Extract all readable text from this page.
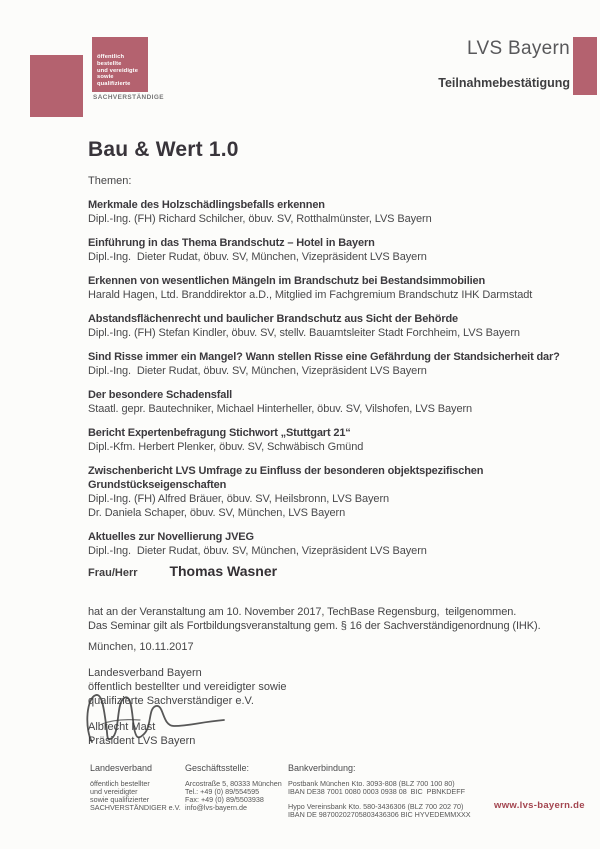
öffentlich bestellte
und vereidigte
sowie qualifizierte
SACHVERSTÄNDIGE
LVS Bayern
Teilnahmebestätigung
Bau & Wert 1.0
Themen:
Merkmale des Holzschädlingsbefalls erkennen
Dipl.-Ing. (FH) Richard Schilcher, öbuv. SV, Rotthalmünster, LVS Bayern
Einführung in das Thema Brandschutz – Hotel in Bayern
Dipl.-Ing.  Dieter Rudat, öbuv. SV, München, Vizepräsident LVS Bayern
Erkennen von wesentlichen Mängeln im Brandschutz bei Bestandsimmobilien
Harald Hagen, Ltd. Branddirektor a.D., Mitglied im Fachgremium Brandschutz IHK Darmstadt
Abstandsflächenrecht und baulicher Brandschutz aus Sicht der Behörde
Dipl.-Ing. (FH) Stefan Kindler, öbuv. SV, stellv. Bauamtsleiter Stadt Forchheim, LVS Bayern
Sind Risse immer ein Mangel? Wann stellen Risse eine Gefährdung der Standsicherheit dar?
Dipl.-Ing.  Dieter Rudat, öbuv. SV, München, Vizepräsident LVS Bayern
Der besondere Schadensfall
Staatl. gepr. Bautechniker, Michael Hinterheller, öbuv. SV, Vilshofen, LVS Bayern
Bericht Expertenbefragung Stichwort „Stuttgart 21“
Dipl.-Kfm. Herbert Plenker, öbuv. SV, Schwäbisch Gmünd
Zwischenbericht LVS Umfrage zu Einfluss der besonderen objektspezifischen
Grundstückseigenschaften
Dipl.-Ing. (FH) Alfred Bräuer, öbuv. SV, Heilsbronn, LVS Bayern
Dr. Daniela Schaper, öbuv. SV, München, LVS Bayern
Aktuelles zur Novellierung JVEG
Dipl.-Ing.  Dieter Rudat, öbuv. SV, München, Vizepräsident LVS Bayern
Frau/Herr Thomas Wasner
hat an der Veranstaltung am 10. November 2017, TechBase Regensburg,  teilgenommen.
Das Seminar gilt als Fortbildungsveranstaltung gem. § 16 der Sachverständigenordnung (IHK).
München, 10.11.2017
Landesverband Bayern
öffentlich bestellter und vereidigter sowie
qualifizierte Sachverständiger e.V.
Albrecht Mast
Präsident LVS Bayern
Landesverband	Geschäftsstelle:	Bankverbindung:
öffentlich bestellter
und vereidigter
sowie qualifizierter
SACHVERSTÄNDIGER e.V.
Arcostraße 5, 80333 München
Tel.: +49 (0) 89/554595
Fax: +49 (0) 89/5503938
info@lvs-bayern.de
Postbank München Kto. 3093-808 (BLZ 700 100 80)
IBAN DE38 7001 0080 0003 0938 08  BIC  PBNKDEFF
Hypo Vereinsbank Kto. 580-3436306 (BLZ 700 202 70)
IBAN DE 98700202705803436306 BIC HYVEDEMMXXX
www.lvs-bayern.de
